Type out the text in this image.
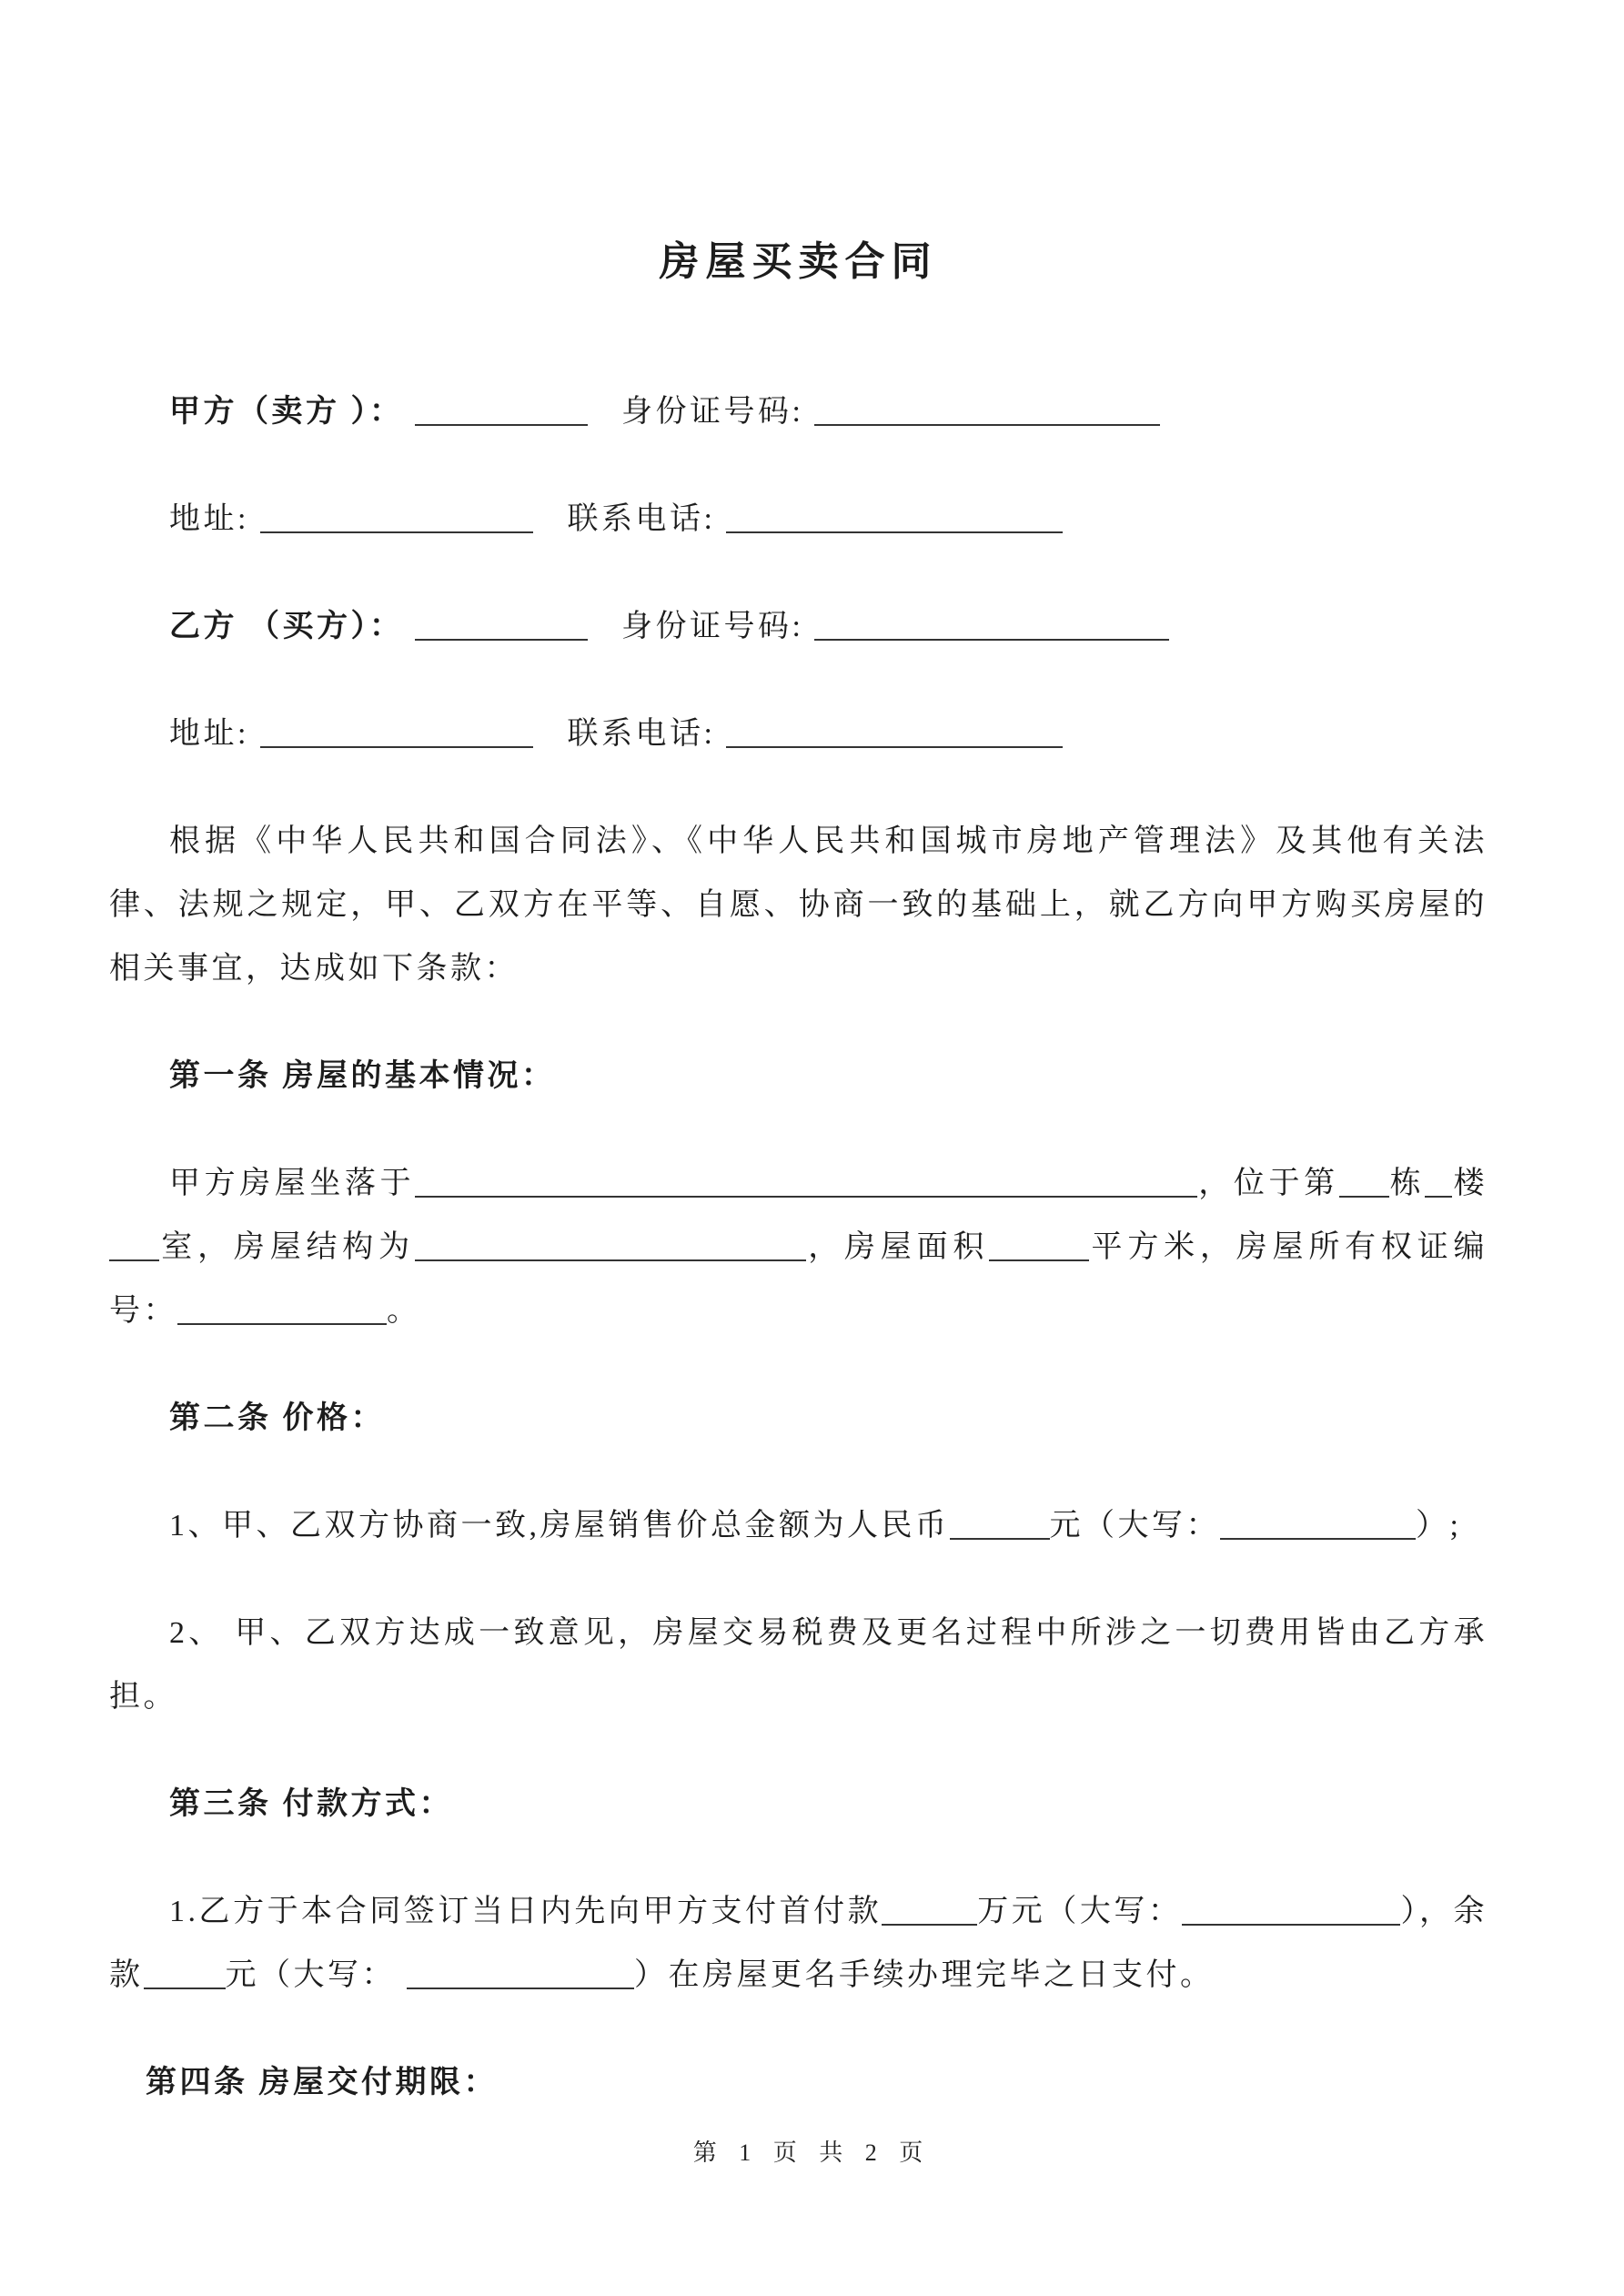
房屋买卖合同

甲方（卖方 ）：	　身份证号码:

地址:	　联系电话:

乙方 （买方）：	　身份证号码:

地址:	　联系电话:

根据《中华人民共和国合同法》、《中华人民共和国城市房地产管理法》及其他有关法律、法规之规定，甲、乙双方在平等、自愿、协商一致的基础上，就乙方向甲方购买房屋的相关事宜，达成如下条款：

第一条 房屋的基本情况：

甲方房屋坐落于	，位于第 栋 楼室，房屋结构为	，房屋面积	平方米，房屋所有权证编号：	。

第二条 价格：

1、甲、乙双方协商一致,房屋销售价总金额为人民币	元（大写：	）;

2、 甲、乙双方达成一致意见，房屋交易税费及更名过程中所涉之一切费用皆由乙方承担。

第三条 付款方式：

1.乙方于本合同签订当日内先向甲方支付首付款	万元（大写：	），余款	元（大写：	）在房屋更名手续办理完毕之日支付。

第四条 房屋交付期限：

第 1 页 共 2 页
